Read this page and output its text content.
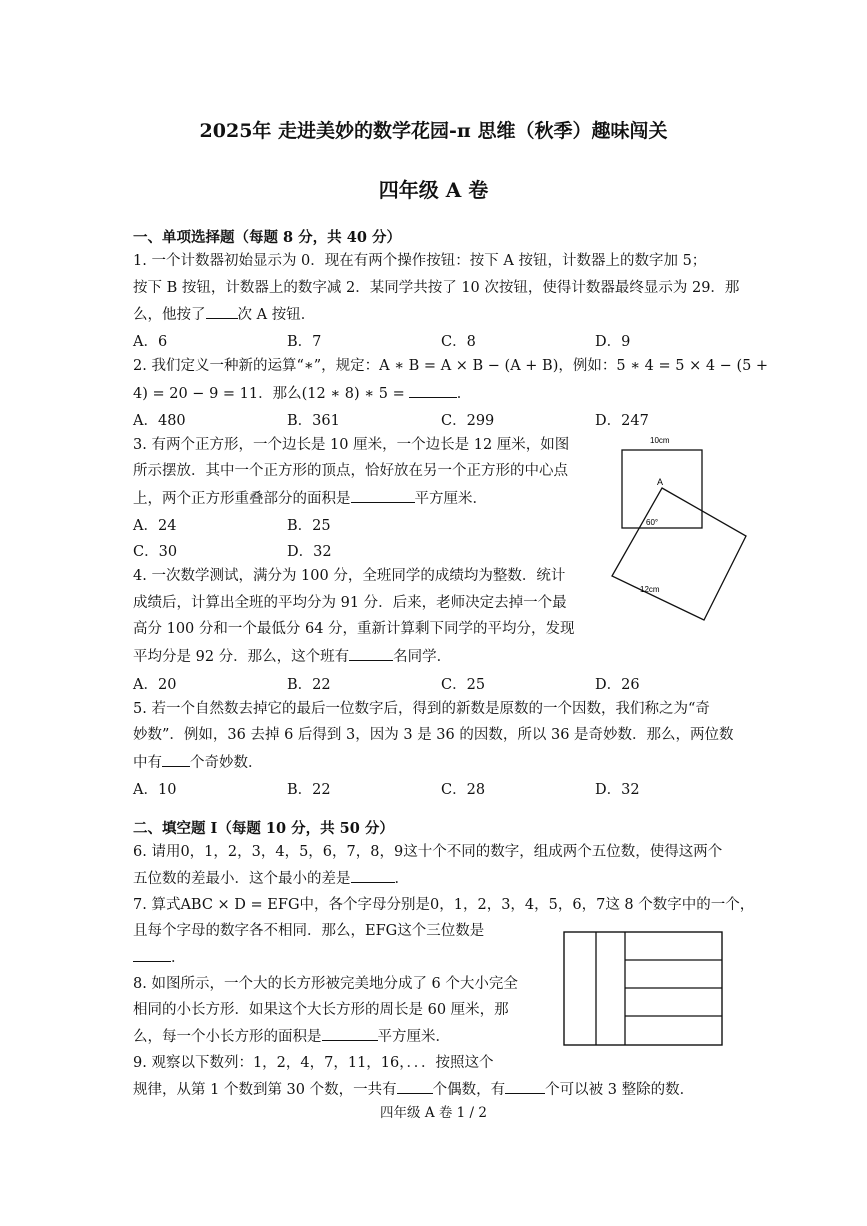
2025年 走进美妙的数学花园-π 思维（秋季）趣味闯关
四年级 A 卷
一、单项选择题（每题 8 分，共 40 分）
1. 一个计数器初始显示为 0．现在有两个操作按钮：按下 A 按钮，计数器上的数字加 5；
按下 B 按钮，计数器上的数字减 2．某同学共按了 10 次按钮，使得计数器最终显示为 29．那
么，他按了 次 A 按钮．
A．6	B．7	C．8	D．9
2. 我们定义一种新的运算“∗”，规定：A ∗ B = A × B − (A + B)，例如：5 ∗ 4 = 5 × 4 − (5 +
4) = 20 − 9 = 11．那么(12 ∗ 8) ∗ 5 =	．
A．480	B．361	C．299	D．247
3. 有两个正方形，一个边长是 10 厘米，一个边长是 12 厘米，如图
所示摆放．其中一个正方形的顶点，恰好放在另一个正方形的中心点
上，两个正方形重叠部分的面积是	平方厘米．
A．24	B．25
C．30	D．32
10cm
A
60°
12cm
4. 一次数学测试，满分为 100 分，全班同学的成绩均为整数．统计
成绩后，计算出全班的平均分为 91 分．后来，老师决定去掉一个最
高分 100 分和一个最低分 64 分，重新计算剩下同学的平均分，发现
平均分是 92 分．那么，这个班有	名同学．
A．20	B．22	C．25	D．26
5. 若一个自然数去掉它的最后一位数字后，得到的新数是原数的一个因数，我们称之为“奇
妙数”．例如，36 去掉 6 后得到 3，因为 3 是 36 的因数，所以 36 是奇妙数．那么，两位数
中有 个奇妙数．
A．10	B．22	C．28	D．32
二、填空题 I（每题 10 分，共 50 分）
6. 请用0，1，2，3，4，5，6，7，8，9这十个不同的数字，组成两个五位数，使得这两个
五位数的差最小．这个最小的差是	．
7. 算式ABC × D = EFG中，各个字母分别是0，1，2，3，4，5，6，7这 8 个数字中的一个，
且每个字母的数字各不相同．那么，EFG这个三位数是
．
8. 如图所示，一个大的长方形被完美地分成了 6 个大小完全
相同的小长方形．如果这个大长方形的周长是 60 厘米，那
么，每一个小长方形的面积是	平方厘米．
9. 观察以下数列：1，2，4，7，11，16，．．．按照这个
规律，从第 1 个数到第 30 个数，一共有 个偶数，有	个可以被 3 整除的数．
四年级 A 卷 1 / 2
